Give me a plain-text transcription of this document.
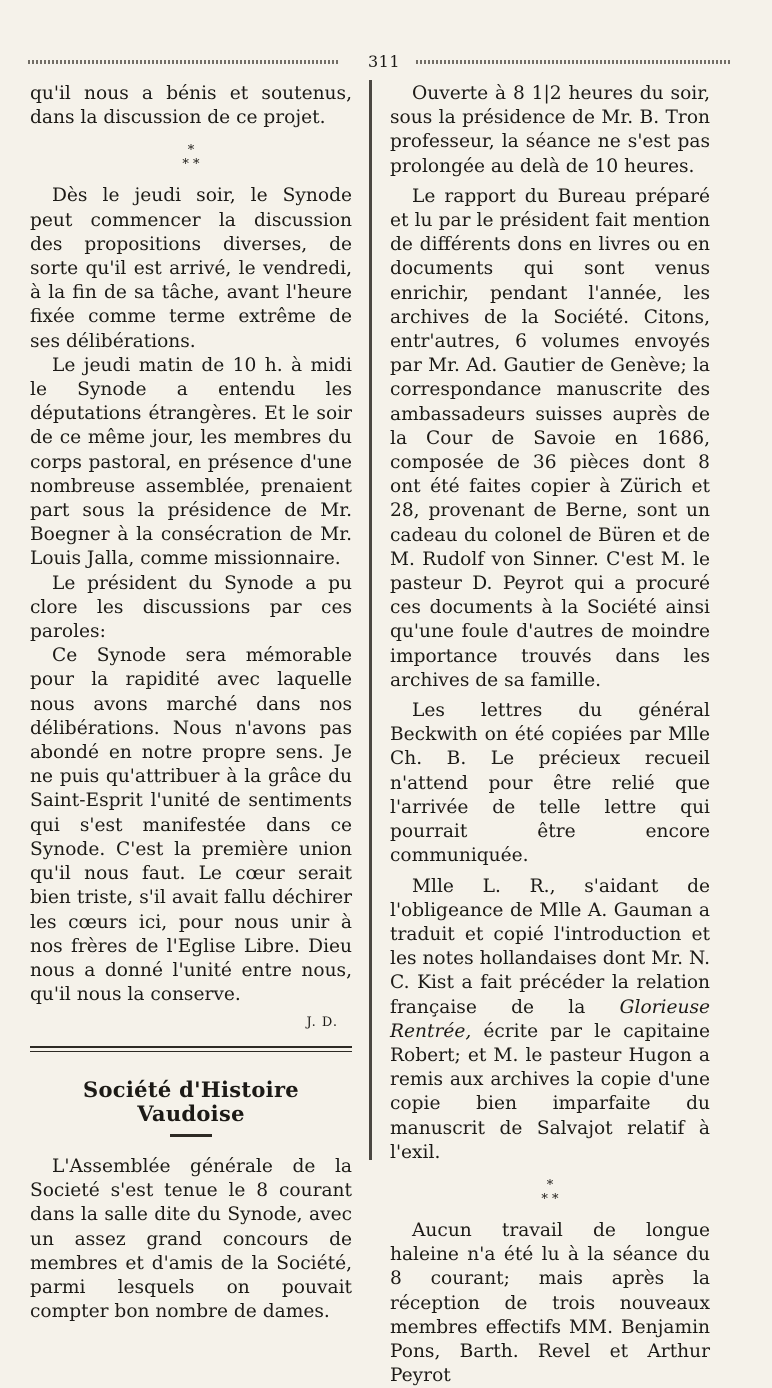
311

qu'il nous a bénis et soutenus, dans la discussion de ce projet.

*
* *

Dès le jeudi soir, le Synode peut commencer la discussion des propositions diverses, de sorte qu'il est arrivé, le vendredi, à la fin de sa tâche, avant l'heure fixée comme terme extrême de ses délibérations.

Le jeudi matin de 10 h. à midi le Synode a entendu les députations étrangères. Et le soir de ce même jour, les membres du corps pastoral, en présence d'une nombreuse assemblée, prenaient part sous la présidence de Mr. Boegner à la consécration de Mr. Louis Jalla, comme missionnaire.

Le président du Synode a pu clore les discussions par ces paroles:

Ce Synode sera mémorable pour la rapidité avec laquelle nous avons marché dans nos délibérations. Nous n'avons pas abondé en notre propre sens. Je ne puis qu'attribuer à la grâce du Saint-Esprit l'unité de sentiments qui s'est manifestée dans ce Synode. C'est la première union qu'il nous faut. Le cœur serait bien triste, s'il avait fallu déchirer les cœurs ici, pour nous unir à nos frères de l'Eglise Libre. Dieu nous a donné l'unité entre nous, qu'il nous la conserve.

J. D.
Société d'Histoire Vaudoise

L'Assemblée générale de la Societé s'est tenue le 8 courant dans la salle dite du Synode, avec un assez grand concours de membres et d'amis de la Société, parmi lesquels on pouvait compter bon nombre de dames.

Ouverte à 8 1|2 heures du soir, sous la présidence de Mr. B. Tron professeur, la séance ne s'est pas prolongée au delà de 10 heures.

Le rapport du Bureau préparé et lu par le président fait mention de différents dons en livres ou en documents qui sont venus enrichir, pendant l'année, les archives de la Société. Citons, entr'autres, 6 volumes envoyés par Mr. Ad. Gautier de Genève; la correspondance manuscrite des ambassadeurs suisses auprès de la Cour de Savoie en 1686, composée de 36 pièces dont 8 ont été faites copier à Zürich et 28, provenant de Berne, sont un cadeau du colonel de Büren et de M. Rudolf von Sinner. C'est M. le pasteur D. Peyrot qui a procuré ces documents à la Société ainsi qu'une foule d'autres de moindre importance trouvés dans les archives de sa famille.

Les lettres du général Beckwith on été copiées par Mlle Ch. B. Le précieux recueil n'attend pour être relié que l'arrivée de telle lettre qui pourrait être encore communiquée.

Mlle L. R., s'aidant de l'obligeance de Mlle A. Gauman a traduit et copié l'introduction et les notes hollandaises dont Mr. N. C. Kist a fait précéder la relation française de la Glorieuse Rentrée, écrite par le capitaine Robert; et M. le pasteur Hugon a remis aux archives la copie d'une copie bien imparfaite du manuscrit de Salvajot relatif à l'exil.

*
* *

Aucun travail de longue haleine n'a été lu à la séance du 8 courant; mais après la réception de trois nouveaux membres effectifs MM. Benjamin Pons, Barth. Revel et Arthur Peyrot
